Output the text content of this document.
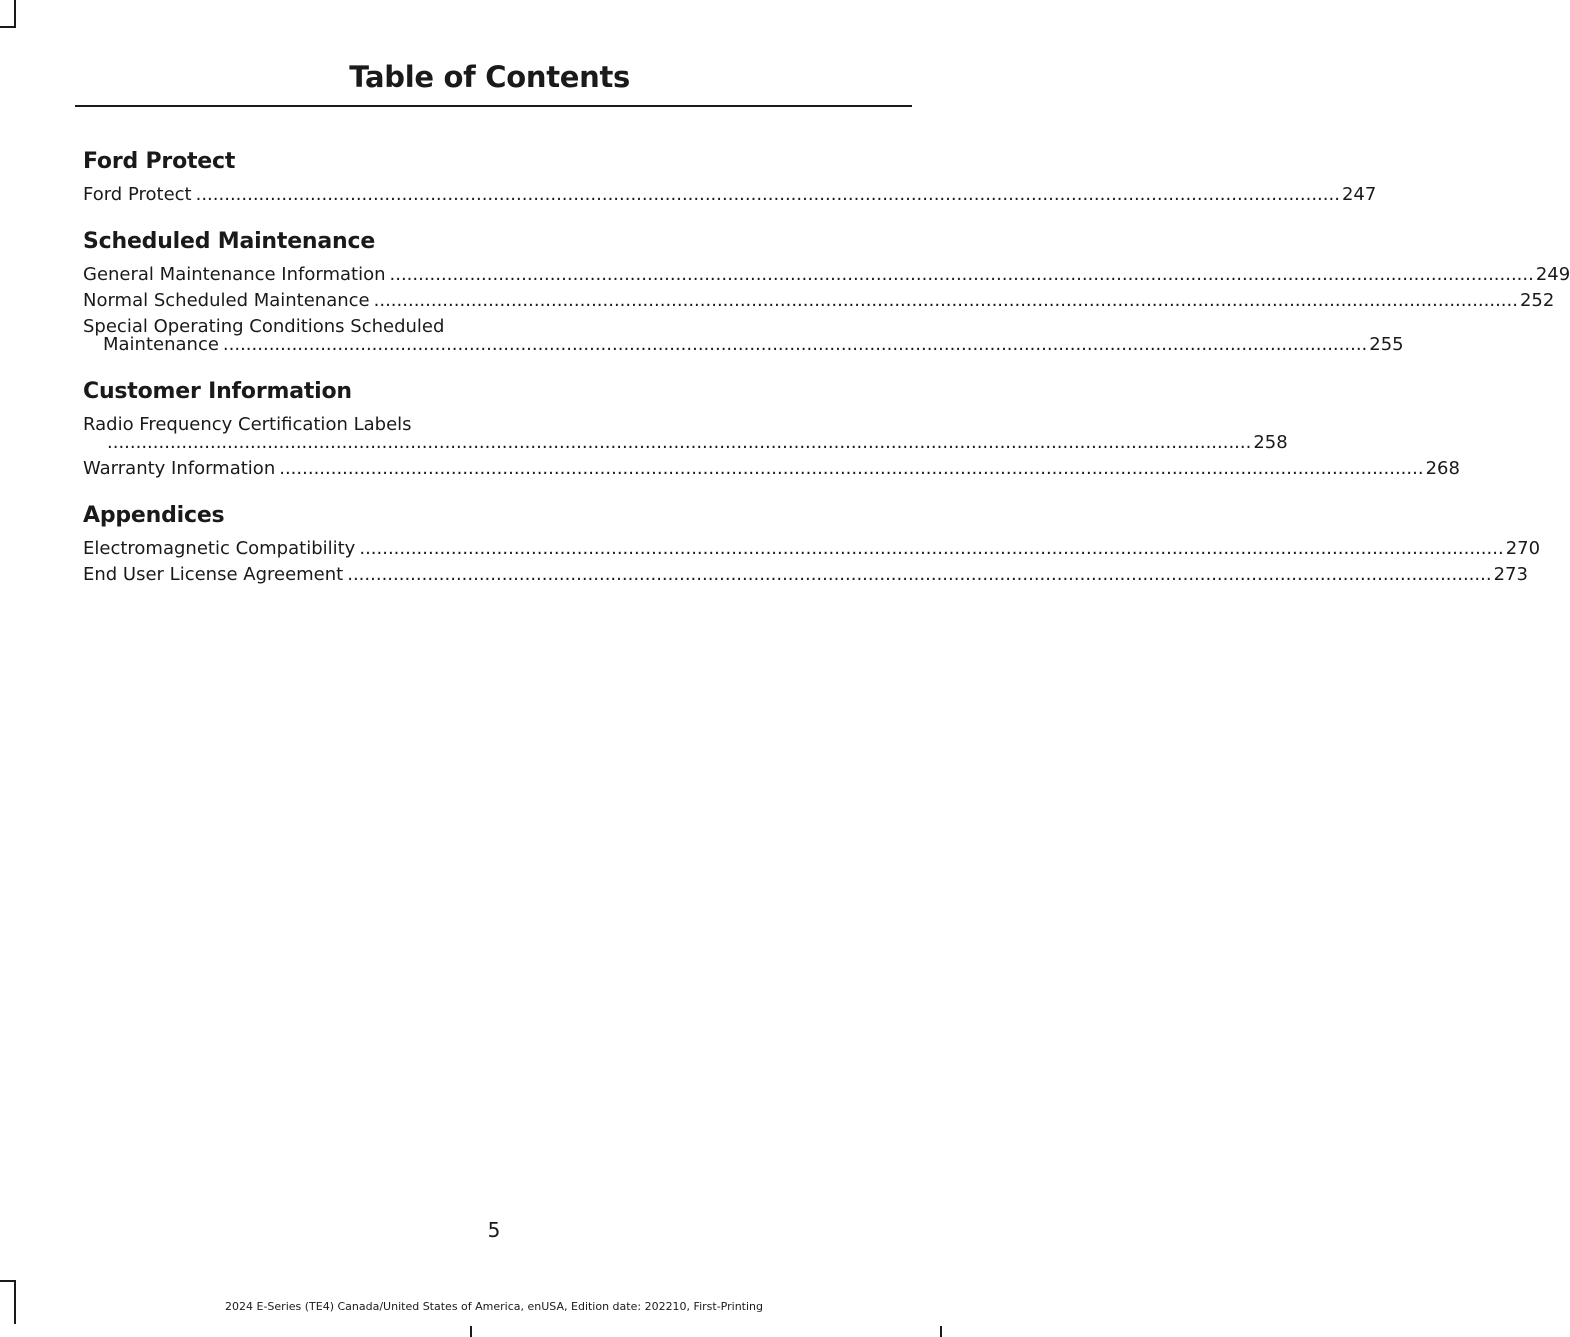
Table of Contents
Ford Protect
Ford Protect ........................................................................................................................................................................................................ 247
Scheduled Maintenance
General Maintenance Information ........................................................................................................................................................................................................ 249
Normal Scheduled Maintenance ........................................................................................................................................................................................................ 252
Special Operating Conditions Scheduled
Maintenance ........................................................................................................................................................................................................ 255
Customer Information
Radio Frequency Certification Labels
........................................................................................................................................................................................................ 258
Warranty Information ........................................................................................................................................................................................................ 268
Appendices
Electromagnetic Compatibility ........................................................................................................................................................................................................ 270
End User License Agreement ........................................................................................................................................................................................................ 273
5
2024 E-Series (TE4) Canada/United States of America, enUSA, Edition date: 202210, First-Printing
